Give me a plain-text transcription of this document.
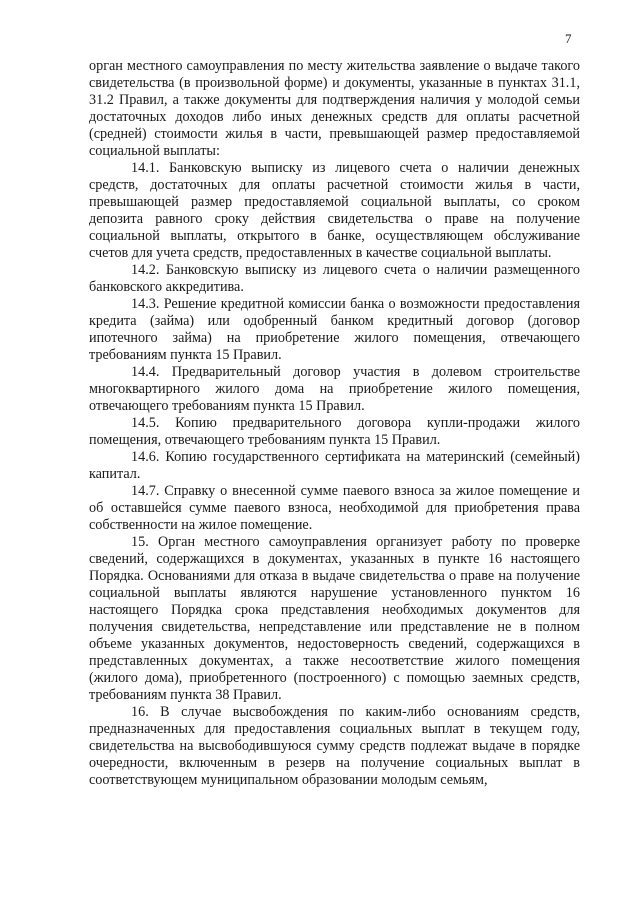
7

орган местного самоуправления по месту жительства заявление о выдаче такого свидетельства (в произвольной форме) и документы, указанные в пунктах 31.1, 31.2 Правил, а также документы для подтверждения наличия у молодой семьи достаточных доходов либо иных денежных средств для оплаты расчетной (средней) стоимости жилья в части, превышающей размер предоставляемой социальной выплаты:

14.1. Банковскую выписку из лицевого счета о наличии денежных средств, достаточных для оплаты расчетной стоимости жилья в части, превышающей размер предоставляемой социальной выплаты, со сроком депозита равного сроку действия свидетельства о праве на получение социальной выплаты, открытого в банке, осуществляющем обслуживание счетов для учета средств, предоставленных в качестве социальной выплаты.

14.2. Банковскую выписку из лицевого счета о наличии размещенного банковского аккредитива.

14.3. Решение кредитной комиссии банка о возможности предоставления кредита (займа) или одобренный банком кредитный договор (договор ипотечного займа) на приобретение жилого помещения, отвечающего требованиям пункта 15 Правил.

14.4. Предварительный договор участия в долевом строительстве многоквартирного жилого дома на приобретение жилого помещения, отвечающего требованиям пункта 15 Правил.

14.5. Копию предварительного договора купли-продажи жилого помещения, отвечающего требованиям пункта 15 Правил.

14.6. Копию государственного сертификата на материнский (семейный) капитал.

14.7. Справку о внесенной сумме паевого взноса за жилое помещение и об оставшейся сумме паевого взноса, необходимой для приобретения права собственности на жилое помещение.

15. Орган местного самоуправления организует работу по проверке сведений, содержащихся в документах, указанных в пункте 16 настоящего Порядка. Основаниями для отказа в выдаче свидетельства о праве на получение социальной выплаты являются нарушение установленного пунктом 16 настоящего Порядка срока представления необходимых документов для получения свидетельства, непредставление или представление не в полном объеме указанных документов, недостоверность сведений, содержащихся в представленных документах, а также несоответствие жилого помещения (жилого дома), приобретенного (построенного) с помощью заемных средств, требованиям пункта 38 Правил.

16. В случае высвобождения по каким-либо основаниям средств, предназначенных для предоставления социальных выплат в текущем году, свидетельства на высвободившуюся сумму средств подлежат выдаче в порядке очередности, включенным в резерв на получение социальных выплат в соответствующем муниципальном образовании молодым семьям,
